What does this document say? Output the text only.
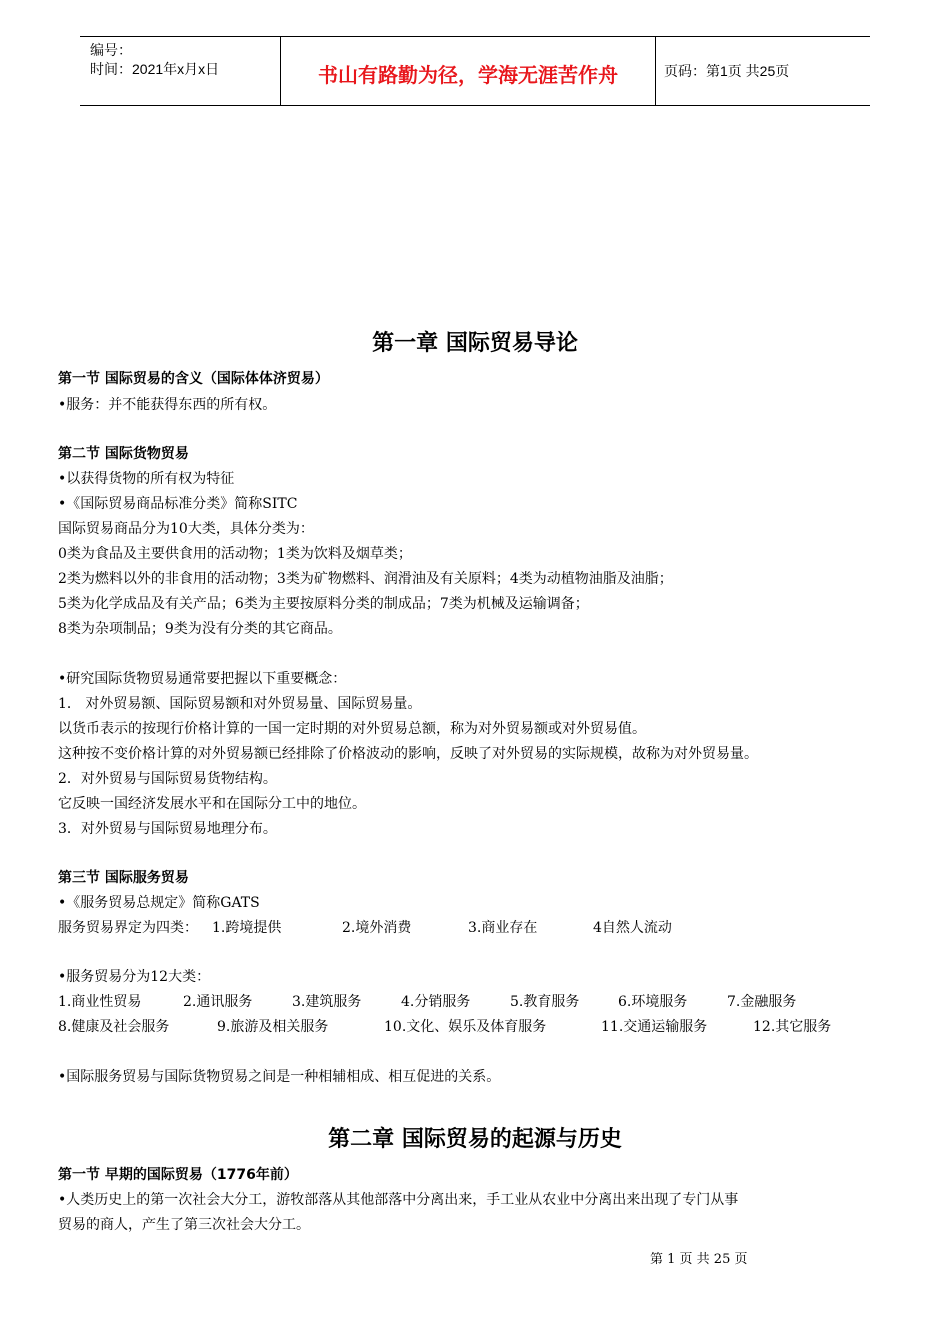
编号：
时间：2021年x月x日	书山有路勤为径，学海无涯苦作舟	页码：第1页 共25页
第一章 国际贸易导论
第一节 国际贸易的含义（国际体体济贸易）
•服务：并不能获得东西的所有权。
第二节 国际货物贸易
•以获得货物的所有权为特征
•《国际贸易商品标准分类》简称SITC
国际贸易商品分为10大类，具体分类为：
0类为食品及主要供食用的活动物；1类为饮料及烟草类；
2类为燃料以外的非食用的活动物；3类为矿物燃料、润滑油及有关原料；4类为动植物油脂及油脂；
5类为化学成品及有关产品；6类为主要按原料分类的制成品；7类为机械及运输调备；
8类为杂项制品；9类为没有分类的其它商品。
•研究国际货物贸易通常要把握以下重要概念：
1． 对外贸易额、国际贸易额和对外贸易量、国际贸易量。
以货币表示的按现行价格计算的一国一定时期的对外贸易总额，称为对外贸易额或对外贸易值。
这种按不变价格计算的对外贸易额已经排除了价格波动的影响，反映了对外贸易的实际规模，故称为对外贸易量。
2．对外贸易与国际贸易货物结构。
它反映一国经济发展水平和在国际分工中的地位。
3．对外贸易与国际贸易地理分布。
第三节 国际服务贸易
•《服务贸易总规定》简称GATS
服务贸易界定为四类： 1.跨境提供	2.境外消费	3.商业存在	4自然人流动
•服务贸易分为12大类：
1.商业性贸易	2.通讯服务	3.建筑服务	4.分销服务	5.教育服务	6.环境服务	7.金融服务
8.健康及社会服务	9.旅游及相关服务	10.文化、娱乐及体育服务	11.交通运输服务	12.其它服务
•国际服务贸易与国际货物贸易之间是一种相辅相成、相互促进的关系。
第二章 国际贸易的起源与历史
第一节 早期的国际贸易（1776年前）
•人类历史上的第一次社会大分工，游牧部落从其他部落中分离出来，手工业从农业中分离出来出现了专门从事
贸易的商人，产生了第三次社会大分工。
第 1 页 共 25 页
